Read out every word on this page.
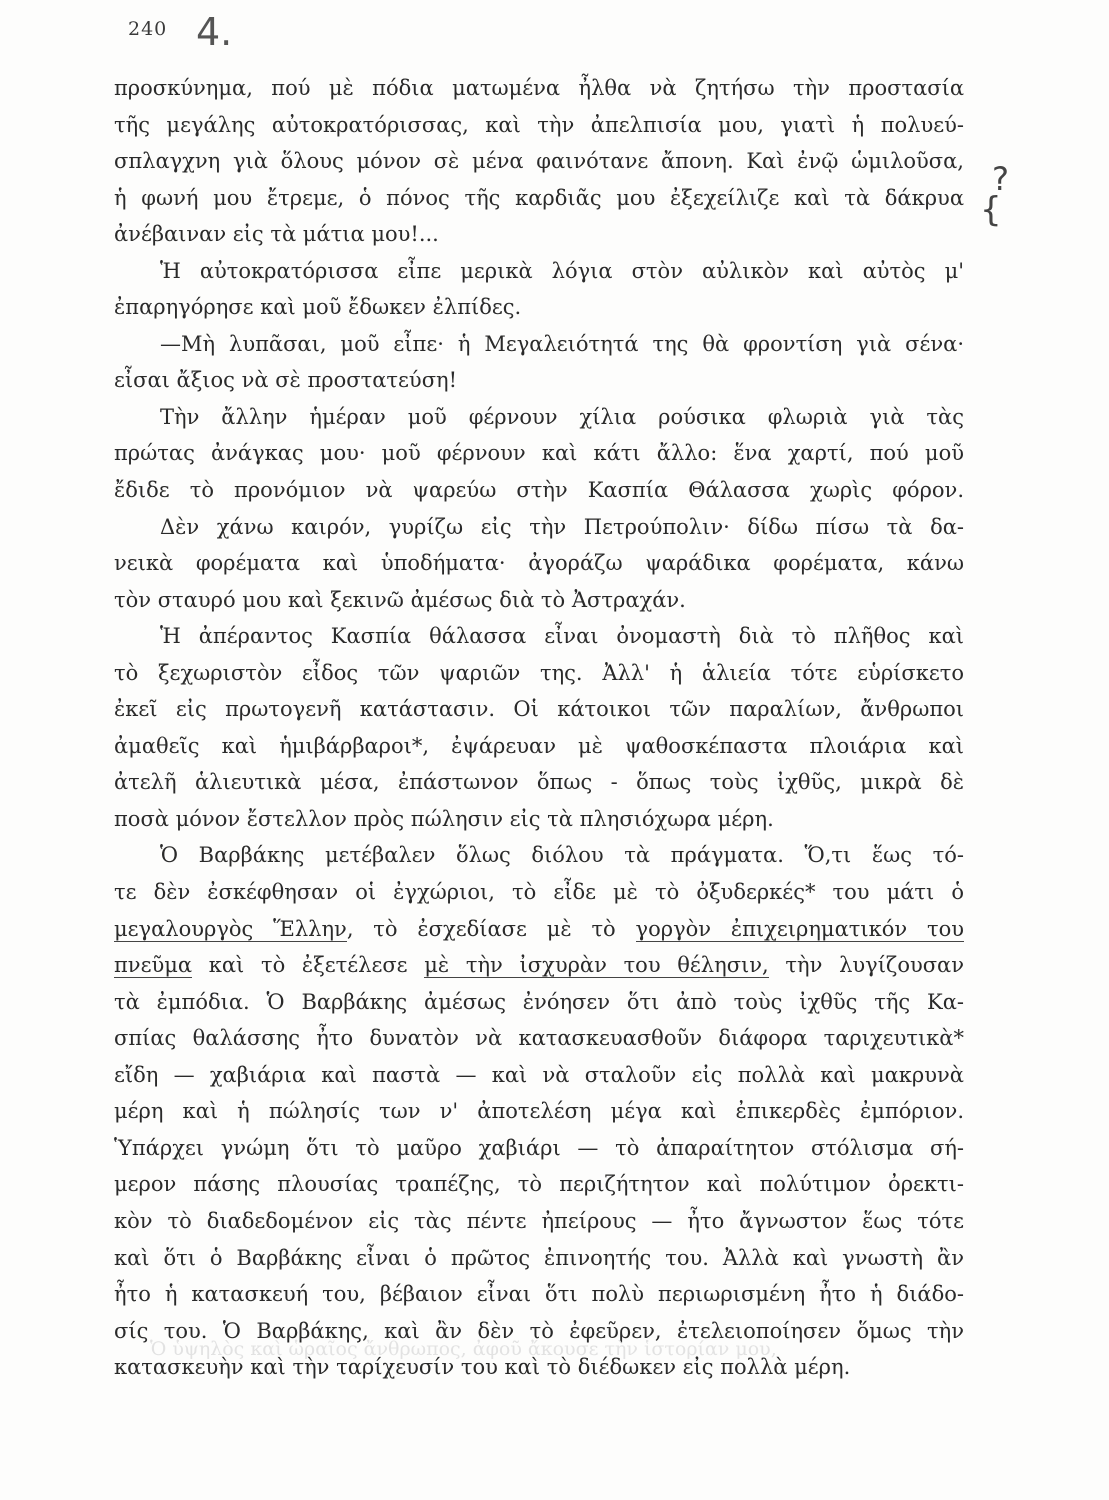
240 4.
?
{
προσκύνημα, πού μὲ πόδια ματωμένα ἦλθα νὰ ζητήσω τὴν προστασία
τῆς μεγάλης αὐτοκρατόρισσας, καὶ τὴν ἀπελπισία μου, γιατὶ ἡ πολυεύ-
σπλαγχνη γιὰ ὅλους μόνον σὲ μένα φαινότανε ἄπονη. Καὶ ἐνῷ ὡμιλοῦσα,
ἡ φωνή μου ἔτρεμε, ὁ πόνος τῆς καρδιᾶς μου ἐξεχείλιζε καὶ τὰ δάκρυα
ἀνέβαιναν εἰς τὰ μάτια μου!...
Ἡ αὐτοκρατόρισσα εἶπε μερικὰ λόγια στὸν αὐλικὸν καὶ αὐτὸς μ'
ἐπαρηγόρησε καὶ μοῦ ἔδωκεν ἐλπίδες.
—Μὴ λυπᾶσαι, μοῦ εἶπε· ἡ Μεγαλειότητά της θὰ φροντίση γιὰ σένα·
εἶσαι ἄξιος νὰ σὲ προστατεύση!
Τὴν ἄλλην ἡμέραν μοῦ φέρνουν χίλια ρούσικα φλωριὰ γιὰ τὰς
πρώτας ἀνάγκας μου· μοῦ φέρνουν καὶ κάτι ἄλλο: ἕνα χαρτί, πού μοῦ
ἔδιδε τὸ προνόμιον νὰ ψαρεύω στὴν Κασπία Θάλασσα χωρὶς φόρον.
Δὲν χάνω καιρόν, γυρίζω εἰς τὴν Πετρούπολιν· δίδω πίσω τὰ δα-
νεικὰ φορέματα καὶ ὑποδήματα· ἀγοράζω ψαράδικα φορέματα, κάνω
τὸν σταυρό μου καὶ ξεκινῶ ἀμέσως διὰ τὸ Ἀστραχάν.
Ἡ ἀπέραντος Κασπία θάλασσα εἶναι ὀνομαστὴ διὰ τὸ πλῆθος καὶ
τὸ ξεχωριστὸν εἶδος τῶν ψαριῶν της. Ἀλλ' ἡ ἁλιεία τότε εὑρίσκετο
ἐκεῖ εἰς πρωτογενῆ κατάστασιν. Οἱ κάτοικοι τῶν παραλίων, ἄνθρωποι
ἀμαθεῖς καὶ ἡμιβάρβαροι*, ἐψάρευαν μὲ ψαθοσκέπαστα πλοιάρια καὶ
ἀτελῆ ἁλιευτικὰ μέσα, ἐπάστωνον ὅπως - ὅπως τοὺς ἰχθῦς, μικρὰ δὲ
ποσὰ μόνον ἔστελλον πρὸς πώλησιν εἰς τὰ πλησιόχωρα μέρη.
Ὁ Βαρβάκης μετέβαλεν ὅλως διόλου τὰ πράγματα. Ὅ,τι ἕως τό-
τε δὲν ἐσκέφθησαν οἱ ἐγχώριοι, τὸ εἶδε μὲ τὸ ὀξυδερκές* του μάτι ὁ
μεγαλουργὸς Ἕλλην, τὸ ἐσχεδίασε μὲ τὸ γοργὸν ἐπιχειρηματικόν του
πνεῦμα καὶ τὸ ἐξετέλεσε μὲ τὴν ἰσχυρὰν του θέλησιν, τὴν λυγίζουσαν
τὰ ἐμπόδια. Ὁ Βαρβάκης ἀμέσως ἐνόησεν ὅτι ἀπὸ τοὺς ἰχθῦς τῆς Κα-
σπίας θαλάσσης ἦτο δυνατὸν νὰ κατασκευασθοῦν διάφορα ταριχευτικὰ*
εἴδη — χαβιάρια καὶ παστὰ — καὶ νὰ σταλοῦν εἰς πολλὰ καὶ μακρυνὰ
μέρη καὶ ἡ πώλησίς των ν' ἀποτελέση μέγα καὶ ἐπικερδὲς ἐμπόριον.
Ὑπάρχει γνώμη ὅτι τὸ μαῦρο χαβιάρι — τὸ ἀπαραίτητον στόλισμα σή-
μερον πάσης πλουσίας τραπέζης, τὸ περιζήτητον καὶ πολύτιμον ὀρεκτι-
κὸν τὸ διαδεδομένον εἰς τὰς πέντε ἠπείρους — ἦτο ἄγνωστον ἕως τότε
καὶ ὅτι ὁ Βαρβάκης εἶναι ὁ πρῶτος ἐπινοητής του. Ἀλλὰ καὶ γνωστὴ ἂν
ἦτο ἡ κατασκευή του, βέβαιον εἶναι ὅτι πολὺ περιωρισμένη ἦτο ἡ διάδο-
σίς του. Ὁ Βαρβάκης, καὶ ἂν δὲν τὸ ἐφεῦρεν, ἐτελειοποίησεν ὅμως τὴν
κατασκευὴν καὶ τὴν ταρίχευσίν του καὶ τὸ διέδωκεν εἰς πολλὰ μέρη.
Ὁ ὑψηλὸς καὶ ὡραῖος ἄνθρωπος, ἀφοῦ ἄκουσε τὴν ἱστορίαν μου,
